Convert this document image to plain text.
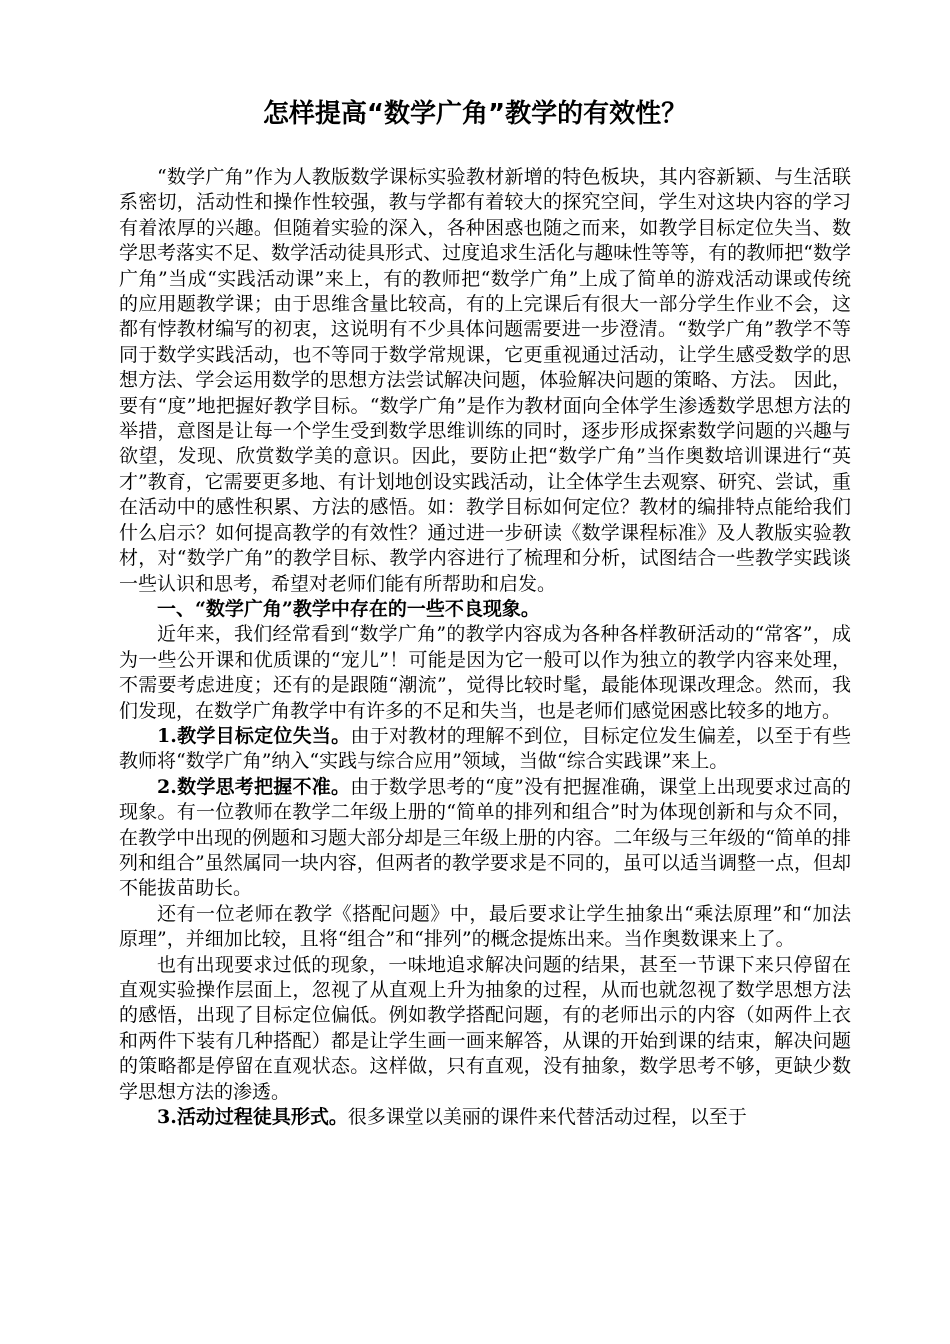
怎样提高“数学广角”教学的有效性？

“数学广角”作为人教版数学课标实验教材新增的特色板块，其内容新颖、与生活联系密切，活动性和操作性较强，教与学都有着较大的探究空间，学生对这块内容的学习有着浓厚的兴趣。但随着实验的深入，各种困惑也随之而来，如教学目标定位失当、数学思考落实不足、数学活动徒具形式、过度追求生活化与趣味性等等，有的教师把“数学广角”当成“实践活动课”来上，有的教师把“数学广角”上成了简单的游戏活动课或传统的应用题教学课；由于思维含量比较高，有的上完课后有很大一部分学生作业不会，这都有悖教材编写的初衷，这说明有不少具体问题需要进一步澄清。“数学广角”教学不等同于数学实践活动，也不等同于数学常规课，它更重视通过活动，让学生感受数学的思想方法、学会运用数学的思想方法尝试解决问题，体验解决问题的策略、方法。 因此，要有“度”地把握好教学目标。“数学广角”是作为教材面向全体学生渗透数学思想方法的举措，意图是让每一个学生受到数学思维训练的同时，逐步形成探索数学问题的兴趣与欲望，发现、欣赏数学美的意识。因此，要防止把“数学广角”当作奥数培训课进行“英才”教育，它需要更多地、有计划地创设实践活动，让全体学生去观察、研究、尝试，重在活动中的感性积累、方法的感悟。如：教学目标如何定位？教材的编排特点能给我们什么启示？如何提高教学的有效性？通过进一步研读《数学课程标准》及人教版实验教材，对“数学广角”的教学目标、教学内容进行了梳理和分析，试图结合一些教学实践谈一些认识和思考，希望对老师们能有所帮助和启发。

一、“数学广角”教学中存在的一些不良现象。

近年来，我们经常看到“数学广角”的教学内容成为各种各样教研活动的“常客”，成为一些公开课和优质课的“宠儿”！可能是因为它一般可以作为独立的教学内容来处理，不需要考虑进度；还有的是跟随“潮流”，觉得比较时髦，最能体现课改理念。然而，我们发现，在数学广角教学中有许多的不足和失当，也是老师们感觉困惑比较多的地方。

1.教学目标定位失当。由于对教材的理解不到位，目标定位发生偏差，以至于有些教师将“数学广角”纳入“实践与综合应用”领域，当做“综合实践课”来上。

2.数学思考把握不准。由于数学思考的“度”没有把握准确，课堂上出现要求过高的现象。有一位教师在教学二年级上册的“简单的排列和组合”时为体现创新和与众不同，在教学中出现的例题和习题大部分却是三年级上册的内容。二年级与三年级的“简单的排列和组合”虽然属同一块内容，但两者的教学要求是不同的，虽可以适当调整一点，但却不能拔苗助长。

还有一位老师在教学《搭配问题》中，最后要求让学生抽象出“乘法原理”和“加法原理”，并细加比较，且将“组合”和“排列”的概念提炼出来。当作奥数课来上了。

也有出现要求过低的现象，一味地追求解决问题的结果，甚至一节课下来只停留在直观实验操作层面上，忽视了从直观上升为抽象的过程，从而也就忽视了数学思想方法的感悟，出现了目标定位偏低。例如教学搭配问题，有的老师出示的内容（如两件上衣和两件下装有几种搭配）都是让学生画一画来解答，从课的开始到课的结束，解决问题的策略都是停留在直观状态。这样做，只有直观，没有抽象，数学思考不够，更缺少数学思想方法的渗透。

3.活动过程徒具形式。很多课堂以美丽的课件来代替活动过程，以至于
